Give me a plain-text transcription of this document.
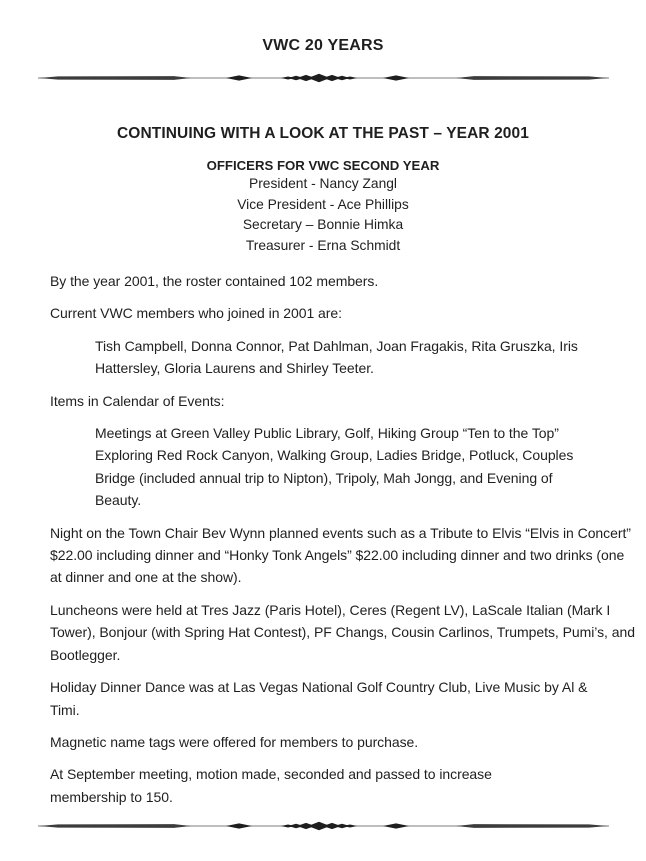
VWC 20 YEARS
CONTINUING WITH A LOOK AT THE PAST – YEAR 2001
OFFICERS FOR VWC SECOND YEAR
President - Nancy Zangl
Vice President - Ace Phillips
Secretary – Bonnie Himka
Treasurer - Erna Schmidt

By the year 2001, the roster contained 102 members.

Current VWC members who joined in 2001 are:

Tish Campbell, Donna Connor, Pat Dahlman, Joan Fragakis, Rita Gruszka, Iris Hattersley, Gloria Laurens and Shirley Teeter.

Items in Calendar of Events:

Meetings at Green Valley Public Library, Golf, Hiking Group “Ten to the Top” Exploring Red Rock Canyon, Walking Group, Ladies Bridge, Potluck, Couples Bridge (included annual trip to Nipton), Tripoly, Mah Jongg, and Evening of Beauty.

Night on the Town Chair Bev Wynn planned events such as a Tribute to Elvis “Elvis in Concert” $22.00 including dinner and “Honky Tonk Angels” $22.00 including dinner and two drinks (one at dinner and one at the show).

Luncheons were held at Tres Jazz (Paris Hotel), Ceres (Regent LV), LaScale Italian (Mark I Tower), Bonjour (with Spring Hat Contest), PF Changs, Cousin Carlinos, Trumpets, Pumi’s, and Bootlegger.

Holiday Dinner Dance was at Las Vegas National Golf Country Club, Live Music by Al & Timi.

Magnetic name tags were offered for members to purchase.

At September meeting, motion made, seconded and passed to increase membership to 150.
